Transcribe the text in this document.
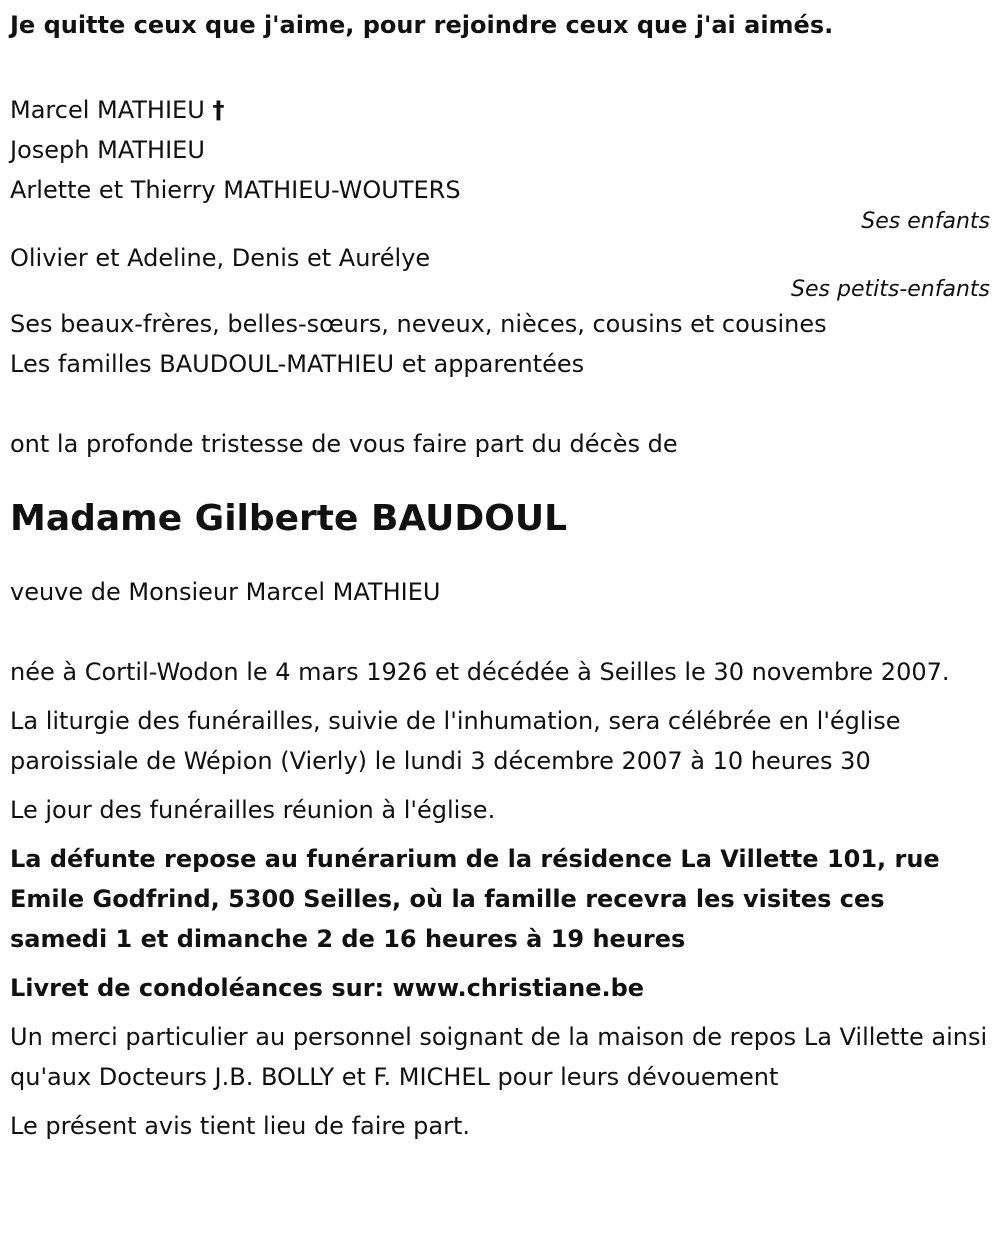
Je quitte ceux que j'aime, pour rejoindre ceux que j'ai aimés.

Marcel MATHIEU †

Joseph MATHIEU

Arlette et Thierry MATHIEU-WOUTERS

Ses enfants

Olivier et Adeline, Denis et Aurélye

Ses petits-enfants

Ses beaux-frères, belles-sœurs, neveux, nièces, cousins et cousines

Les familles BAUDOUL-MATHIEU et apparentées

ont la profonde tristesse de vous faire part du décès de

Madame Gilberte BAUDOUL

veuve de Monsieur Marcel MATHIEU

née à Cortil-Wodon le 4 mars 1926 et décédée à Seilles le 30 novembre 2007.

La liturgie des funérailles, suivie de l'inhumation, sera célébrée en l'église paroissiale de Wépion (Vierly) le lundi 3 décembre 2007 à 10 heures 30

Le jour des funérailles réunion à l'église.

La défunte repose au funérarium de la résidence La Villette 101, rue Emile Godfrind, 5300 Seilles, où la famille recevra les visites ces samedi 1 et dimanche 2 de 16 heures à 19 heures

Livret de condoléances sur: www.christiane.be

Un merci particulier au personnel soignant de la maison de repos La Villette ainsi qu'aux Docteurs J.B. BOLLY et F. MICHEL pour leurs dévouement

Le présent avis tient lieu de faire part.
